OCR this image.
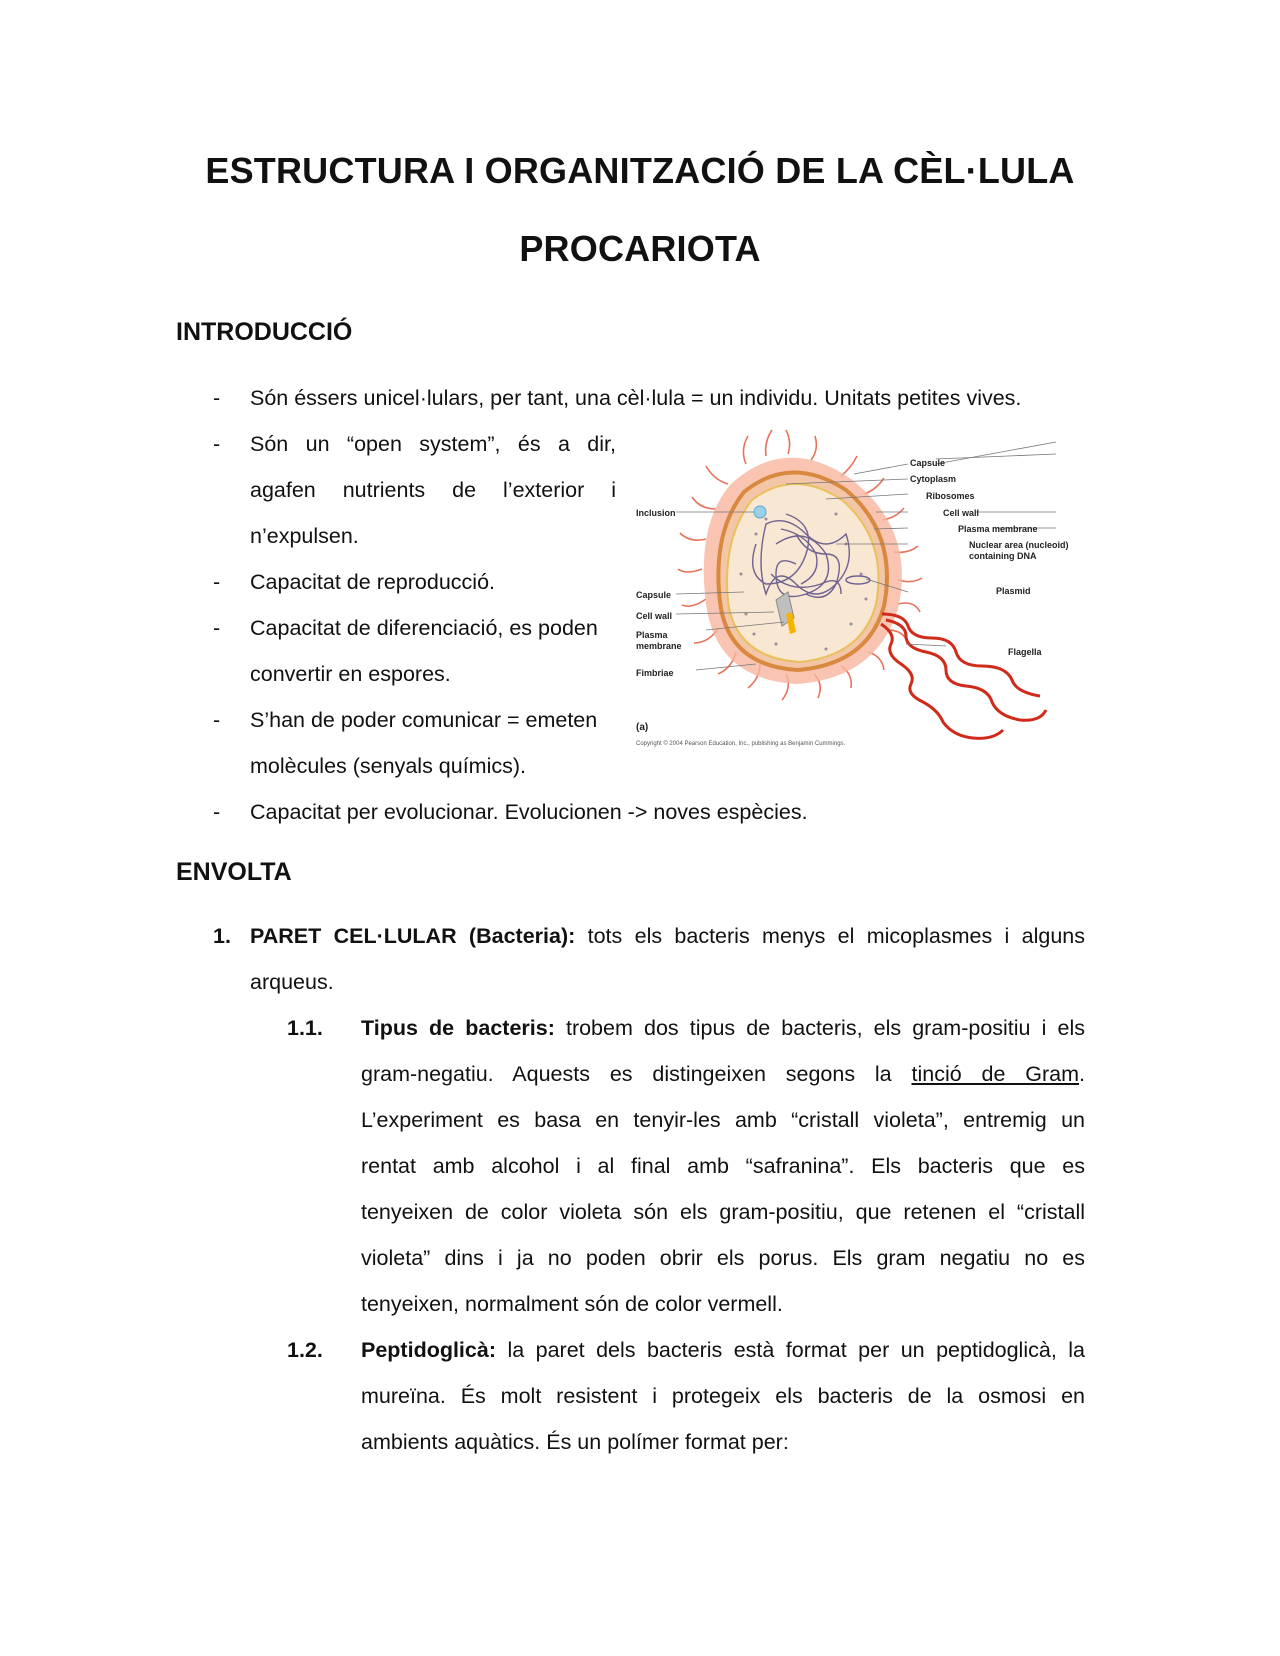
ESTRUCTURA I ORGANITZACIÓ DE LA CÈL·LULA
PROCARIOTA
INTRODUCCIÓ
- Són éssers unicel·lulars, per tant, una cèl·lula = un individu. Unitats petites vives.
- Són un “open system”, és a dir,
agafen nutrients de l’exterior i
n’expulsen.
- Capacitat de reproducció.
- Capacitat de diferenciació, es poden
convertir en espores.
- S’han de poder comunicar = emeten
molècules (senyals químics).
- Capacitat per evolucionar. Evolucionen -> noves espècies.
Capsule
Cytoplasm
Ribosomes
Cell wall
Plasma membrane
Nuclear area (nucleoid)
containing DNA
Plasmid
Flagella
Inclusion
Capsule
Cell wall
Plasma
membrane
Fimbriae
(a)
Copyright © 2004 Pearson Education, Inc., publishing as Benjamin Cummings.
ENVOLTA
1. PARET CEL·LULAR (Bacteria): tots els bacteris menys el micoplasmes i alguns
arqueus.
1.1. Tipus de bacteris: trobem dos tipus de bacteris, els gram-positiu i els
gram-negatiu. Aquests es distingeixen segons la tinció de Gram.
L’experiment es basa en tenyir-les amb “cristall violeta”, entremig un
rentat amb alcohol i al final amb “safranina”. Els bacteris que es
tenyeixen de color violeta són els gram-positiu, que retenen el “cristall
violeta” dins i ja no poden obrir els porus. Els gram negatiu no es
tenyeixen, normalment són de color vermell.
1.2. Peptidoglicà: la paret dels bacteris està format per un peptidoglicà, la
mureïna. És molt resistent i protegeix els bacteris de la osmosi en
ambients aquàtics. És un polímer format per:
